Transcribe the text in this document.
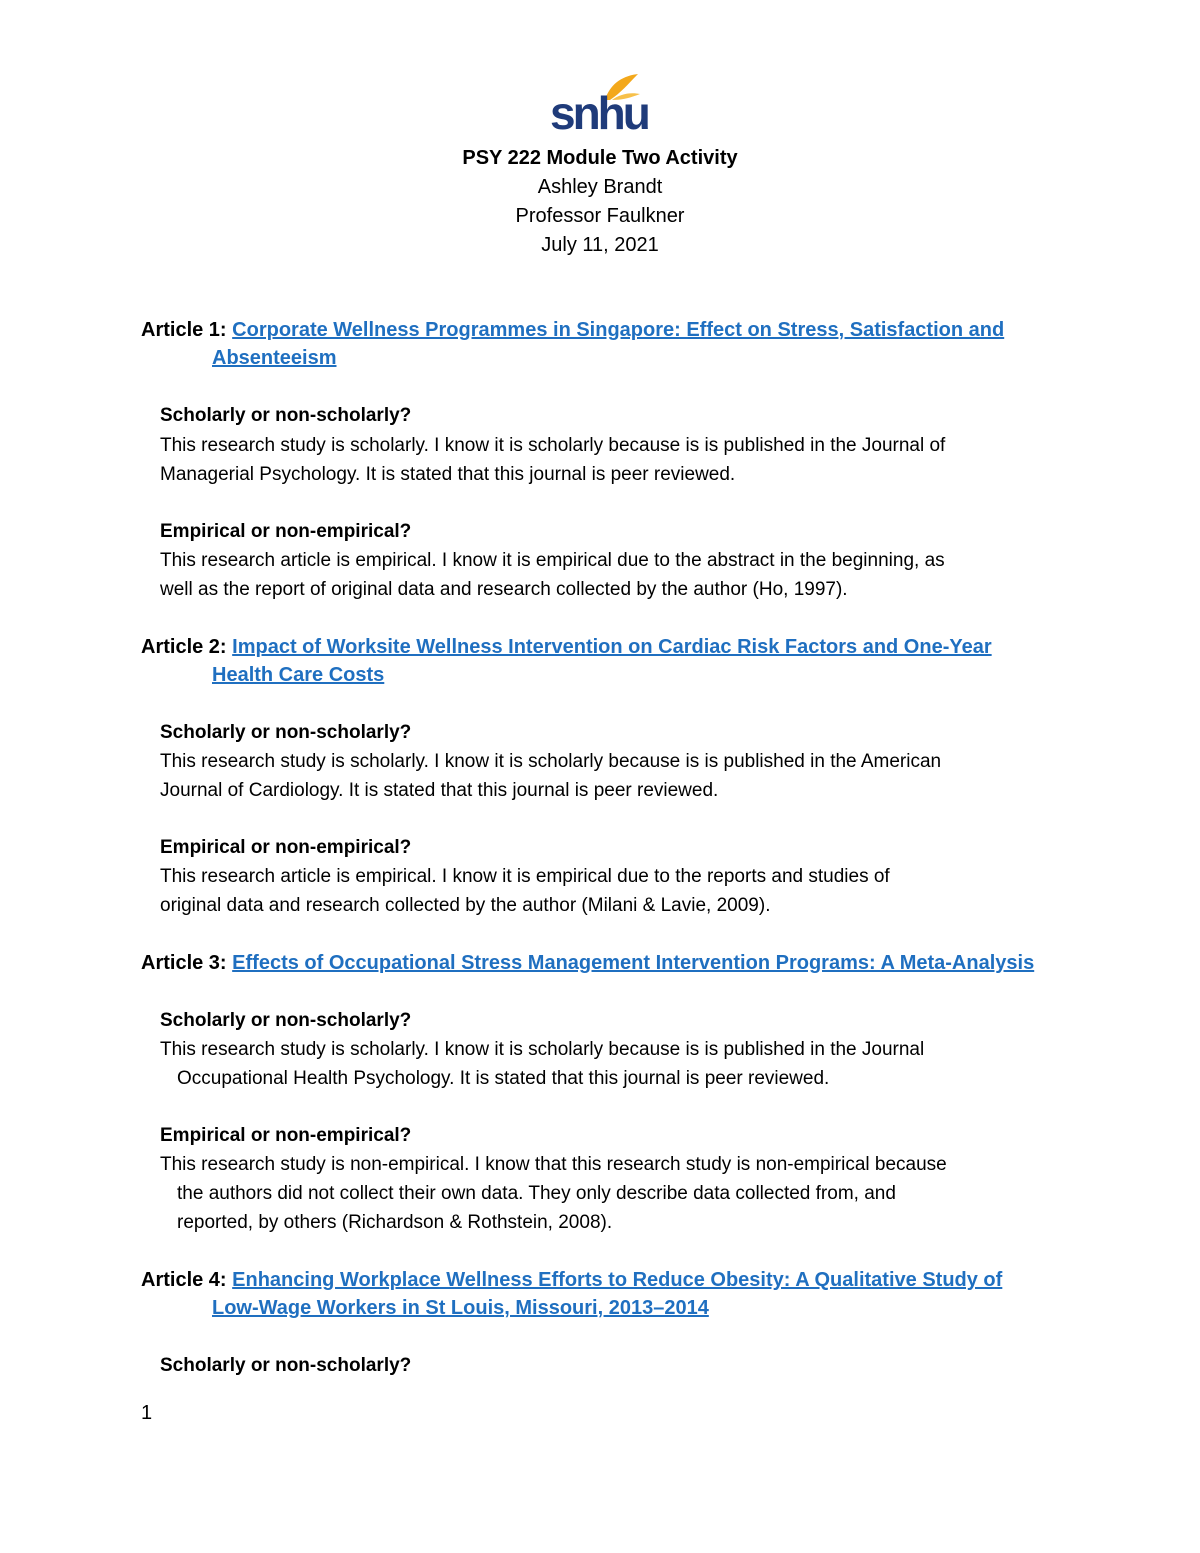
snhu
PSY 222 Module Two Activity
Ashley Brandt
Professor Faulkner
July 11, 2021
Article 1: Corporate Wellness Programmes in Singapore: Effect on Stress, Satisfaction and
Absenteeism
Scholarly or non-scholarly?
This research study is scholarly. I know it is scholarly because is is published in the Journal of
Managerial Psychology. It is stated that this journal is peer reviewed.
Empirical or non-empirical?
This research article is empirical. I know it is empirical due to the abstract in the beginning, as
well as the report of original data and research collected by the author (Ho, 1997).
Article 2: Impact of Worksite Wellness Intervention on Cardiac Risk Factors and One-Year
Health Care Costs
Scholarly or non-scholarly?
This research study is scholarly. I know it is scholarly because is is published in the American
Journal of Cardiology. It is stated that this journal is peer reviewed.
Empirical or non-empirical?
This research article is empirical. I know it is empirical due to the reports and studies of
original data and research collected by the author (Milani & Lavie, 2009).
Article 3: Effects of Occupational Stress Management Intervention Programs: A Meta-Analysis
Scholarly or non-scholarly?
This research study is scholarly. I know it is scholarly because is is published in the Journal
Occupational Health Psychology. It is stated that this journal is peer reviewed.
Empirical or non-empirical?
This research study is non-empirical. I know that this research study is non-empirical because
the authors did not collect their own data. They only describe data collected from, and
reported, by others (Richardson & Rothstein, 2008).
Article 4: Enhancing Workplace Wellness Efforts to Reduce Obesity: A Qualitative Study of
Low-Wage Workers in St Louis, Missouri, 2013–2014
Scholarly or non-scholarly?
1
